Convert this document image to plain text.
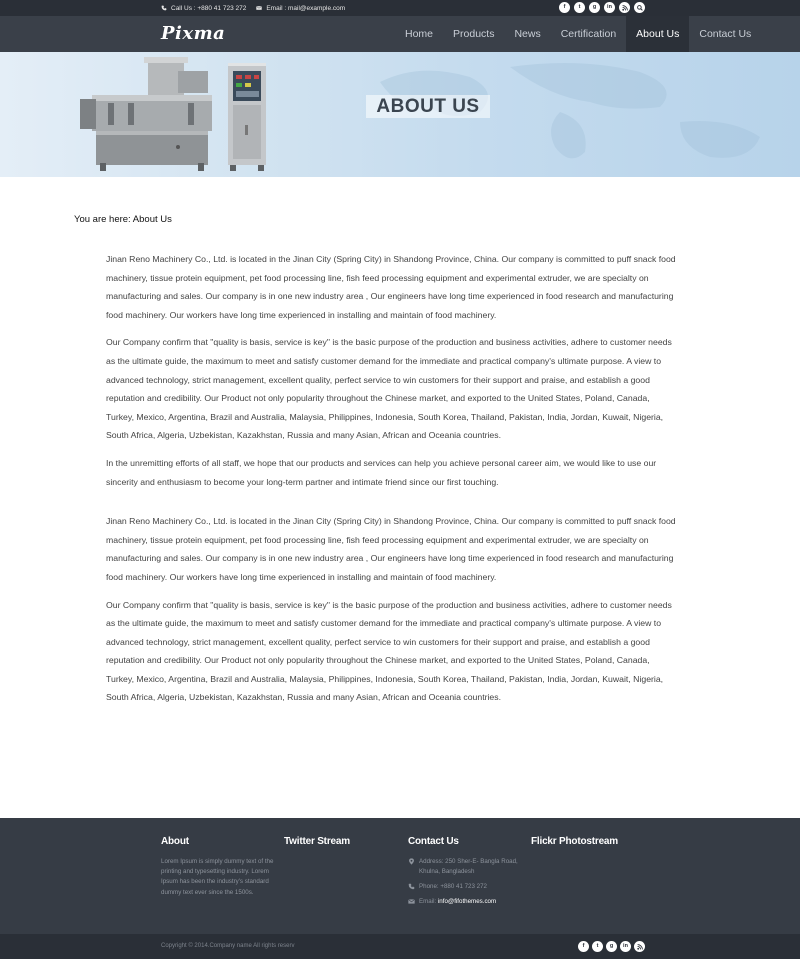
Call Us : +880 41 723 272	Email : mail@example.com	f	t	g	in
Pixma	Home	Products	News	Certification	About Us	Contact Us
ABOUT US
You are here: About Us

Jinan Reno Machinery Co., Ltd. is located in the Jinan City (Spring City) in Shandong Province, China. Our company is committed to puff snack food machinery, tissue protein equipment, pet food processing line, fish feed processing equipment and experimental extruder, we are specialty on manufacturing and sales. Our company is in one new industry area , Our engineers have long time experienced in food research and manufacturing food machinery. Our workers have long time experienced in installing and maintain of food machinery.

Our Company confirm that "quality is basis, service is key" is the basic purpose of the production and business activities, adhere to customer needs as the ultimate guide, the maximum to meet and satisfy customer demand for the immediate and practical company's ultimate purpose. A view to advanced technology, strict management, excellent quality, perfect service to win customers for their support and praise, and establish a good reputation and credibility. Our Product not only popularity throughout the Chinese market, and exported to the United States, Poland, Canada, Turkey, Mexico, Argentina, Brazil and Australia, Malaysia, Philippines, Indonesia, South Korea, Thailand, Pakistan, India, Jordan, Kuwait, Nigeria, South Africa, Algeria, Uzbekistan, Kazakhstan, Russia and many Asian, African and Oceania countries.

In the unremitting efforts of all staff, we hope that our products and services can help you achieve personal career aim, we would like to use our sincerity and enthusiasm to become your long-term partner and intimate friend since our first touching.

Jinan Reno Machinery Co., Ltd. is located in the Jinan City (Spring City) in Shandong Province, China. Our company is committed to puff snack food machinery, tissue protein equipment, pet food processing line, fish feed processing equipment and experimental extruder, we are specialty on manufacturing and sales. Our company is in one new industry area , Our engineers have long time experienced in food research and manufacturing food machinery. Our workers have long time experienced in installing and maintain of food machinery.

Our Company confirm that "quality is basis, service is key" is the basic purpose of the production and business activities, adhere to customer needs as the ultimate guide, the maximum to meet and satisfy customer demand for the immediate and practical company's ultimate purpose. A view to advanced technology, strict management, excellent quality, perfect service to win customers for their support and praise, and establish a good reputation and credibility. Our Product not only popularity throughout the Chinese market, and exported to the United States, Poland, Canada, Turkey, Mexico, Argentina, Brazil and Australia, Malaysia, Philippines, Indonesia, South Korea, Thailand, Pakistan, India, Jordan, Kuwait, Nigeria, South Africa, Algeria, Uzbekistan, Kazakhstan, Russia and many Asian, African and Oceania countries.

About
Lorem Ipsum is simply dummy text of the printing and typesetting industry. Lorem Ipsum has been the industry's standard dummy text ever since the 1500s.
Twitter Stream	Contact Us
Address: 250 Sher-E- Bangla Road, Khulna, Bangladesh
Phone: +880 41 723 272
Email: info@fifothemes.com
Flickr Photostream
Copyright © 2014.Company name All rights reserv	f	t	g	in
